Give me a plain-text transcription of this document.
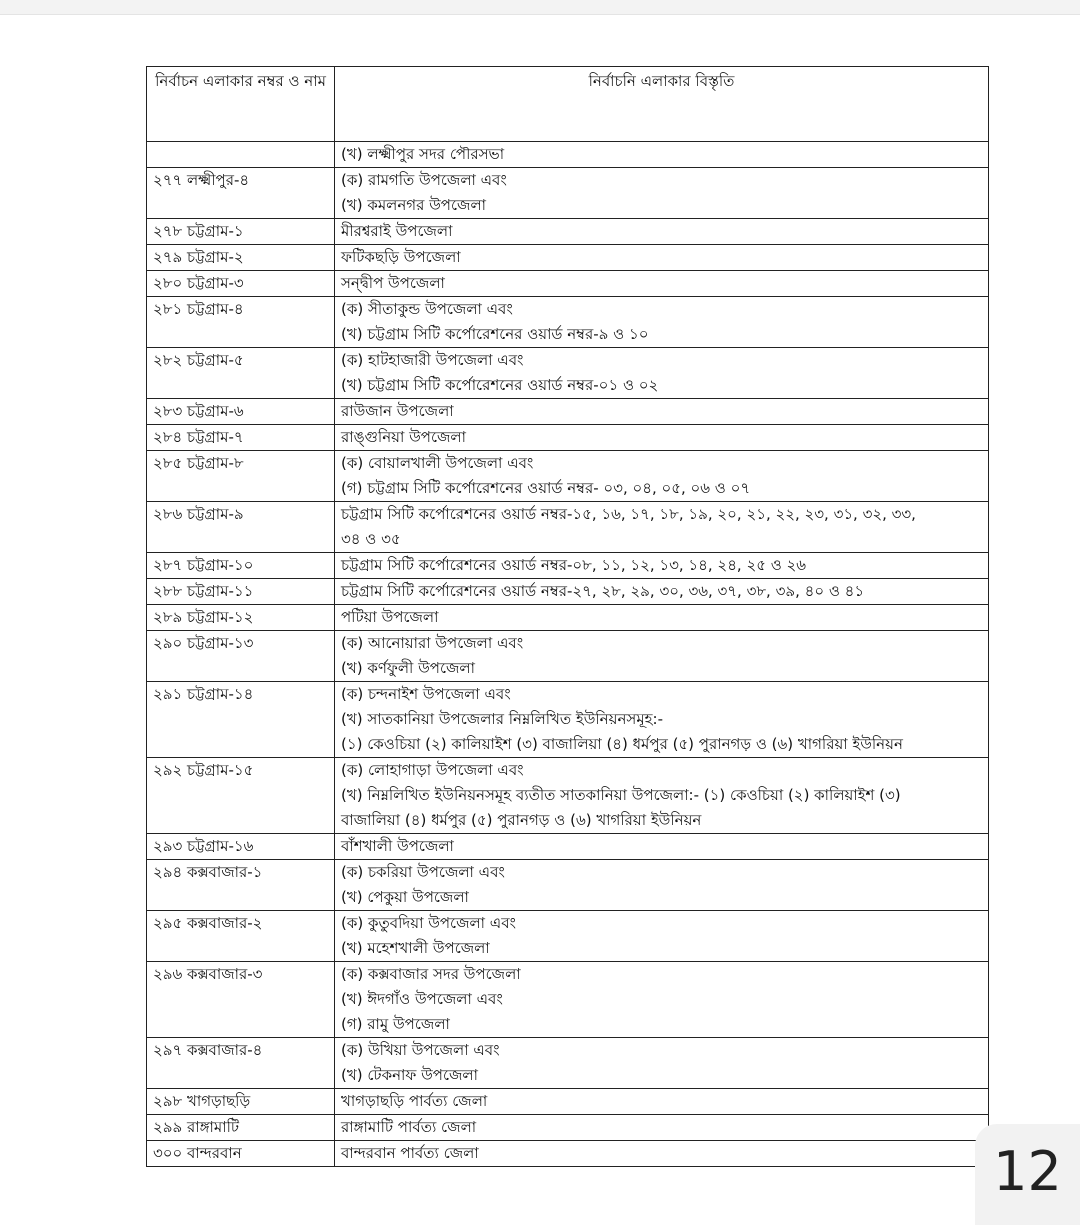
নির্বাচন এলাকার নম্বর ও নাম	নির্বাচনি এলাকার বিস্তৃতি

	(খ) লক্ষ্মীপুর সদর পৌরসভা

২৭৭ লক্ষ্মীপুর-৪	(ক) রামগতি উপজেলা এবং
(খ) কমলনগর উপজেলা

২৭৮ চট্টগ্রাম-১	মীরশ্বরাই উপজেলা

২৭৯ চট্টগ্রাম-২	ফটিকছড়ি উপজেলা

২৮০ চট্টগ্রাম-৩	সন্দ্বীপ উপজেলা

২৮১ চট্টগ্রাম-৪	(ক) সীতাকুন্ড উপজেলা এবং
(খ) চট্টগ্রাম সিটি কর্পোরেশনের ওয়ার্ড নম্বর-৯ ও ১০

২৮২ চট্টগ্রাম-৫	(ক) হাটহাজারী উপজেলা এবং
(খ) চট্টগ্রাম সিটি কর্পোরেশনের ওয়ার্ড নম্বর-০১ ও ০২

২৮৩ চট্টগ্রাম-৬	রাউজান উপজেলা

২৮৪ চট্টগ্রাম-৭	রাঙ্গুনিয়া উপজেলা

২৮৫ চট্টগ্রাম-৮	(ক) বোয়ালখালী উপজেলা এবং
(গ) চট্টগ্রাম সিটি কর্পোরেশনের ওয়ার্ড নম্বর- ০৩, ০৪, ০৫, ০৬ ও ০৭

২৮৬ চট্টগ্রাম-৯	চট্টগ্রাম সিটি কর্পোরেশনের ওয়ার্ড নম্বর-১৫, ১৬, ১৭, ১৮, ১৯, ২০, ২১, ২২, ২৩, ৩১, ৩২, ৩৩,
৩৪ ও ৩৫

২৮৭ চট্টগ্রাম-১০	চট্টগ্রাম সিটি কর্পোরেশনের ওয়ার্ড নম্বর-০৮, ১১, ১২, ১৩, ১৪, ২৪, ২৫ ও ২৬

২৮৮ চট্টগ্রাম-১১	চট্টগ্রাম সিটি কর্পোরেশনের ওয়ার্ড নম্বর-২৭, ২৮, ২৯, ৩০, ৩৬, ৩৭, ৩৮, ৩৯, ৪০ ও ৪১

২৮৯ চট্টগ্রাম-১২	পটিয়া উপজেলা

২৯০ চট্টগ্রাম-১৩	(ক) আনোয়ারা উপজেলা এবং
(খ) কর্ণফুলী উপজেলা

২৯১ চট্টগ্রাম-১৪	(ক) চন্দনাইশ উপজেলা এবং
(খ) সাতকানিয়া উপজেলার নিম্নলিখিত ইউনিয়নসমূহ:-
(১) কেওচিয়া (২) কালিয়াইশ (৩) বাজালিয়া (৪) ধর্মপুর (৫) পুরানগড় ও (৬) খাগরিয়া ইউনিয়ন

২৯২ চট্টগ্রাম-১৫	(ক) লোহাগাড়া উপজেলা এবং
(খ) নিম্নলিখিত ইউনিয়নসমূহ ব্যতীত সাতকানিয়া উপজেলা:- (১) কেওচিয়া (২) কালিয়াইশ (৩)
বাজালিয়া (৪) ধর্মপুর (৫) পুরানগড় ও (৬) খাগরিয়া ইউনিয়ন

২৯৩ চট্টগ্রাম-১৬	বাঁশখালী উপজেলা

২৯৪ কক্সবাজার-১	(ক) চকরিয়া উপজেলা এবং
(খ) পেকুয়া উপজেলা

২৯৫ কক্সবাজার-২	(ক) কুতুবদিয়া উপজেলা এবং
(খ) মহেশখালী উপজেলা

২৯৬ কক্সবাজার-৩	(ক) কক্সবাজার সদর উপজেলা
(খ) ঈদগাঁও উপজেলা এবং
(গ) রামু উপজেলা

২৯৭ কক্সবাজার-৪	(ক) উখিয়া উপজেলা এবং
(খ) টেকনাফ উপজেলা

২৯৮ খাগড়াছড়ি	খাগড়াছড়ি পার্বত্য জেলা

২৯৯ রাঙ্গামাটি	রাঙ্গামাটি পার্বত্য জেলা

৩০০ বান্দরবান	বান্দরবান পার্বত্য জেলা	12
